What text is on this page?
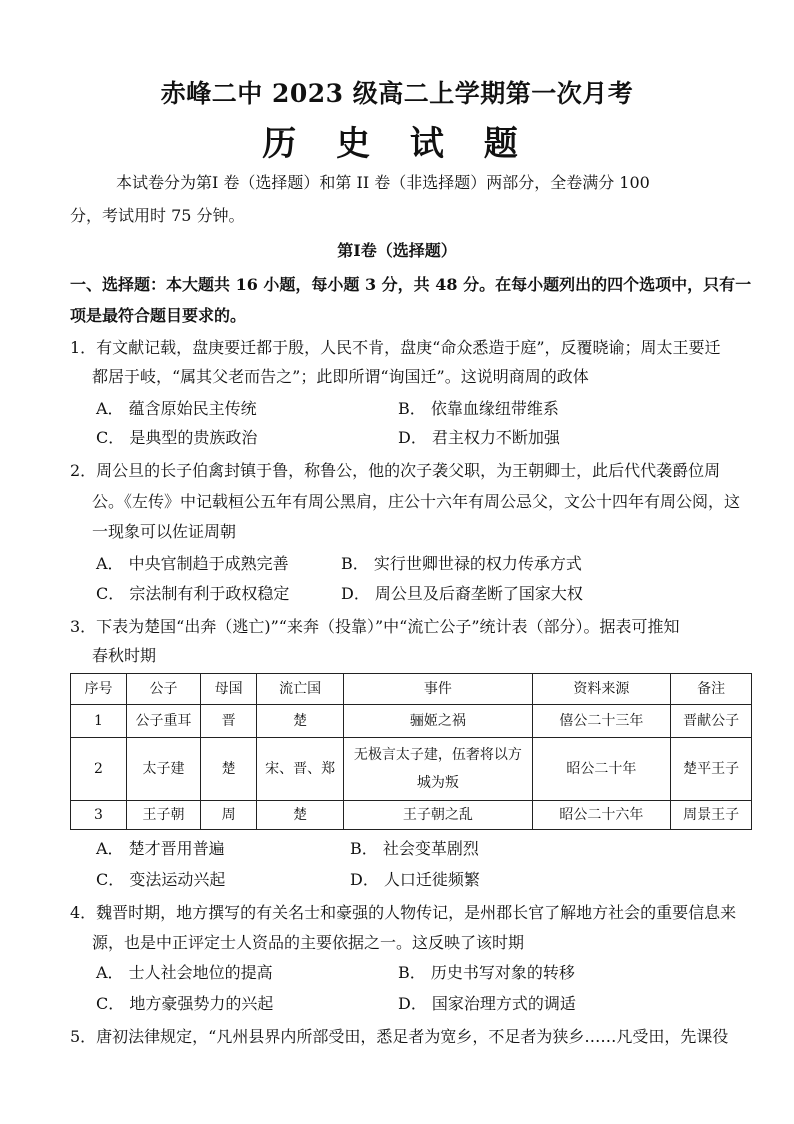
赤峰二中 2023 级高二上学期第一次月考
历 史 试 题
本试卷分为第Ⅰ 卷（选择题）和第 II 卷（非选择题）两部分，全卷满分 100
分，考试用时 75 分钟。
第Ⅰ卷（选择题）
一、选择题：本大题共 16 小题，每小题 3 分，共 48 分。在每小题列出的四个选项中，只有一
项是最符合题目要求的。
1．有文献记载，盘庚要迁都于殷，人民不肯，盘庚“命众悉造于庭”，反覆晓谕；周太王要迁
都居于岐，“属其父老而告之”；此即所谓“询国迁”。这说明商周的政体
A． 蕴含原始民主传统	B． 依靠血缘纽带维系
C． 是典型的贵族政治	D． 君主权力不断加强
2．周公旦的长子伯禽封镇于鲁，称鲁公，他的次子袭父职，为王朝卿士，此后代代袭爵位周
公。《左传》中记载桓公五年有周公黑肩，庄公十六年有周公忌父，文公十四年有周公阅，这
一现象可以佐证周朝
A． 中央官制趋于成熟完善	B． 实行世卿世禄的权力传承方式
C． 宗法制有利于政权稳定	D． 周公旦及后裔垄断了国家大权
3．下表为楚国“出奔（逃亡)”“来奔（投靠）”中“流亡公子”统计表（部分）。据表可推知
春秋时期
序号	公子	母国	流亡国	事件	资料来源	备注
1	公子重耳	晋	楚	骊姬之祸	僖公二十三年	晋献公子
2	太子建	楚	宋、晋、郑	无极言太子建，伍奢将以方城为叛	昭公二十年	楚平王子
3	王子朝	周	楚	王子朝之乱	昭公二十六年	周景王子
A． 楚才晋用普遍	B． 社会变革剧烈
C． 变法运动兴起	D． 人口迁徙频繁
4．魏晋时期，地方撰写的有关名士和豪强的人物传记，是州郡长官了解地方社会的重要信息来
源，也是中正评定士人资品的主要依据之一。这反映了该时期
A． 士人社会地位的提高	B． 历史书写对象的转移
C． 地方豪强势力的兴起	D． 国家治理方式的调适
5．唐初法律规定，“凡州县界内所部受田，悉足者为宽乡，不足者为狭乡……凡受田，先课役
